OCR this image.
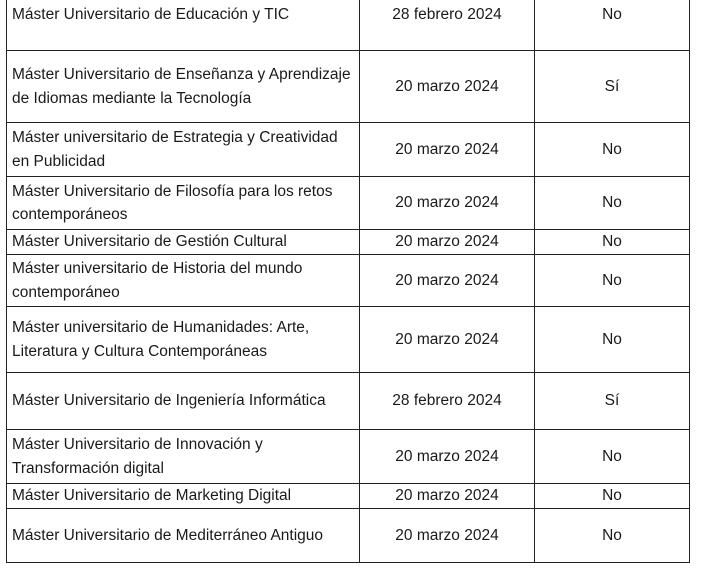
Máster Universitario de Educación y TIC	28 febrero 2024	No
Máster Universitario de Enseñanza y Aprendizaje de Idiomas mediante la Tecnología	20 marzo 2024	Sí
Máster universitario de Estrategia y Creatividad en Publicidad	20 marzo 2024	No
Máster Universitario de Filosofía para los retos contemporáneos	20 marzo 2024	No
Máster Universitario de Gestión Cultural	20 marzo 2024	No
Máster universitario de Historia del mundo contemporáneo	20 marzo 2024	No
Máster universitario de Humanidades: Arte, Literatura y Cultura Contemporáneas	20 marzo 2024	No
Máster Universitario de Ingeniería Informática	28 febrero 2024	Sí
Máster Universitario de Innovación y Transformación digital	20 marzo 2024	No
Máster Universitario de Marketing Digital	20 marzo 2024	No
Máster Universitario de Mediterráneo Antiguo	20 marzo 2024	No
